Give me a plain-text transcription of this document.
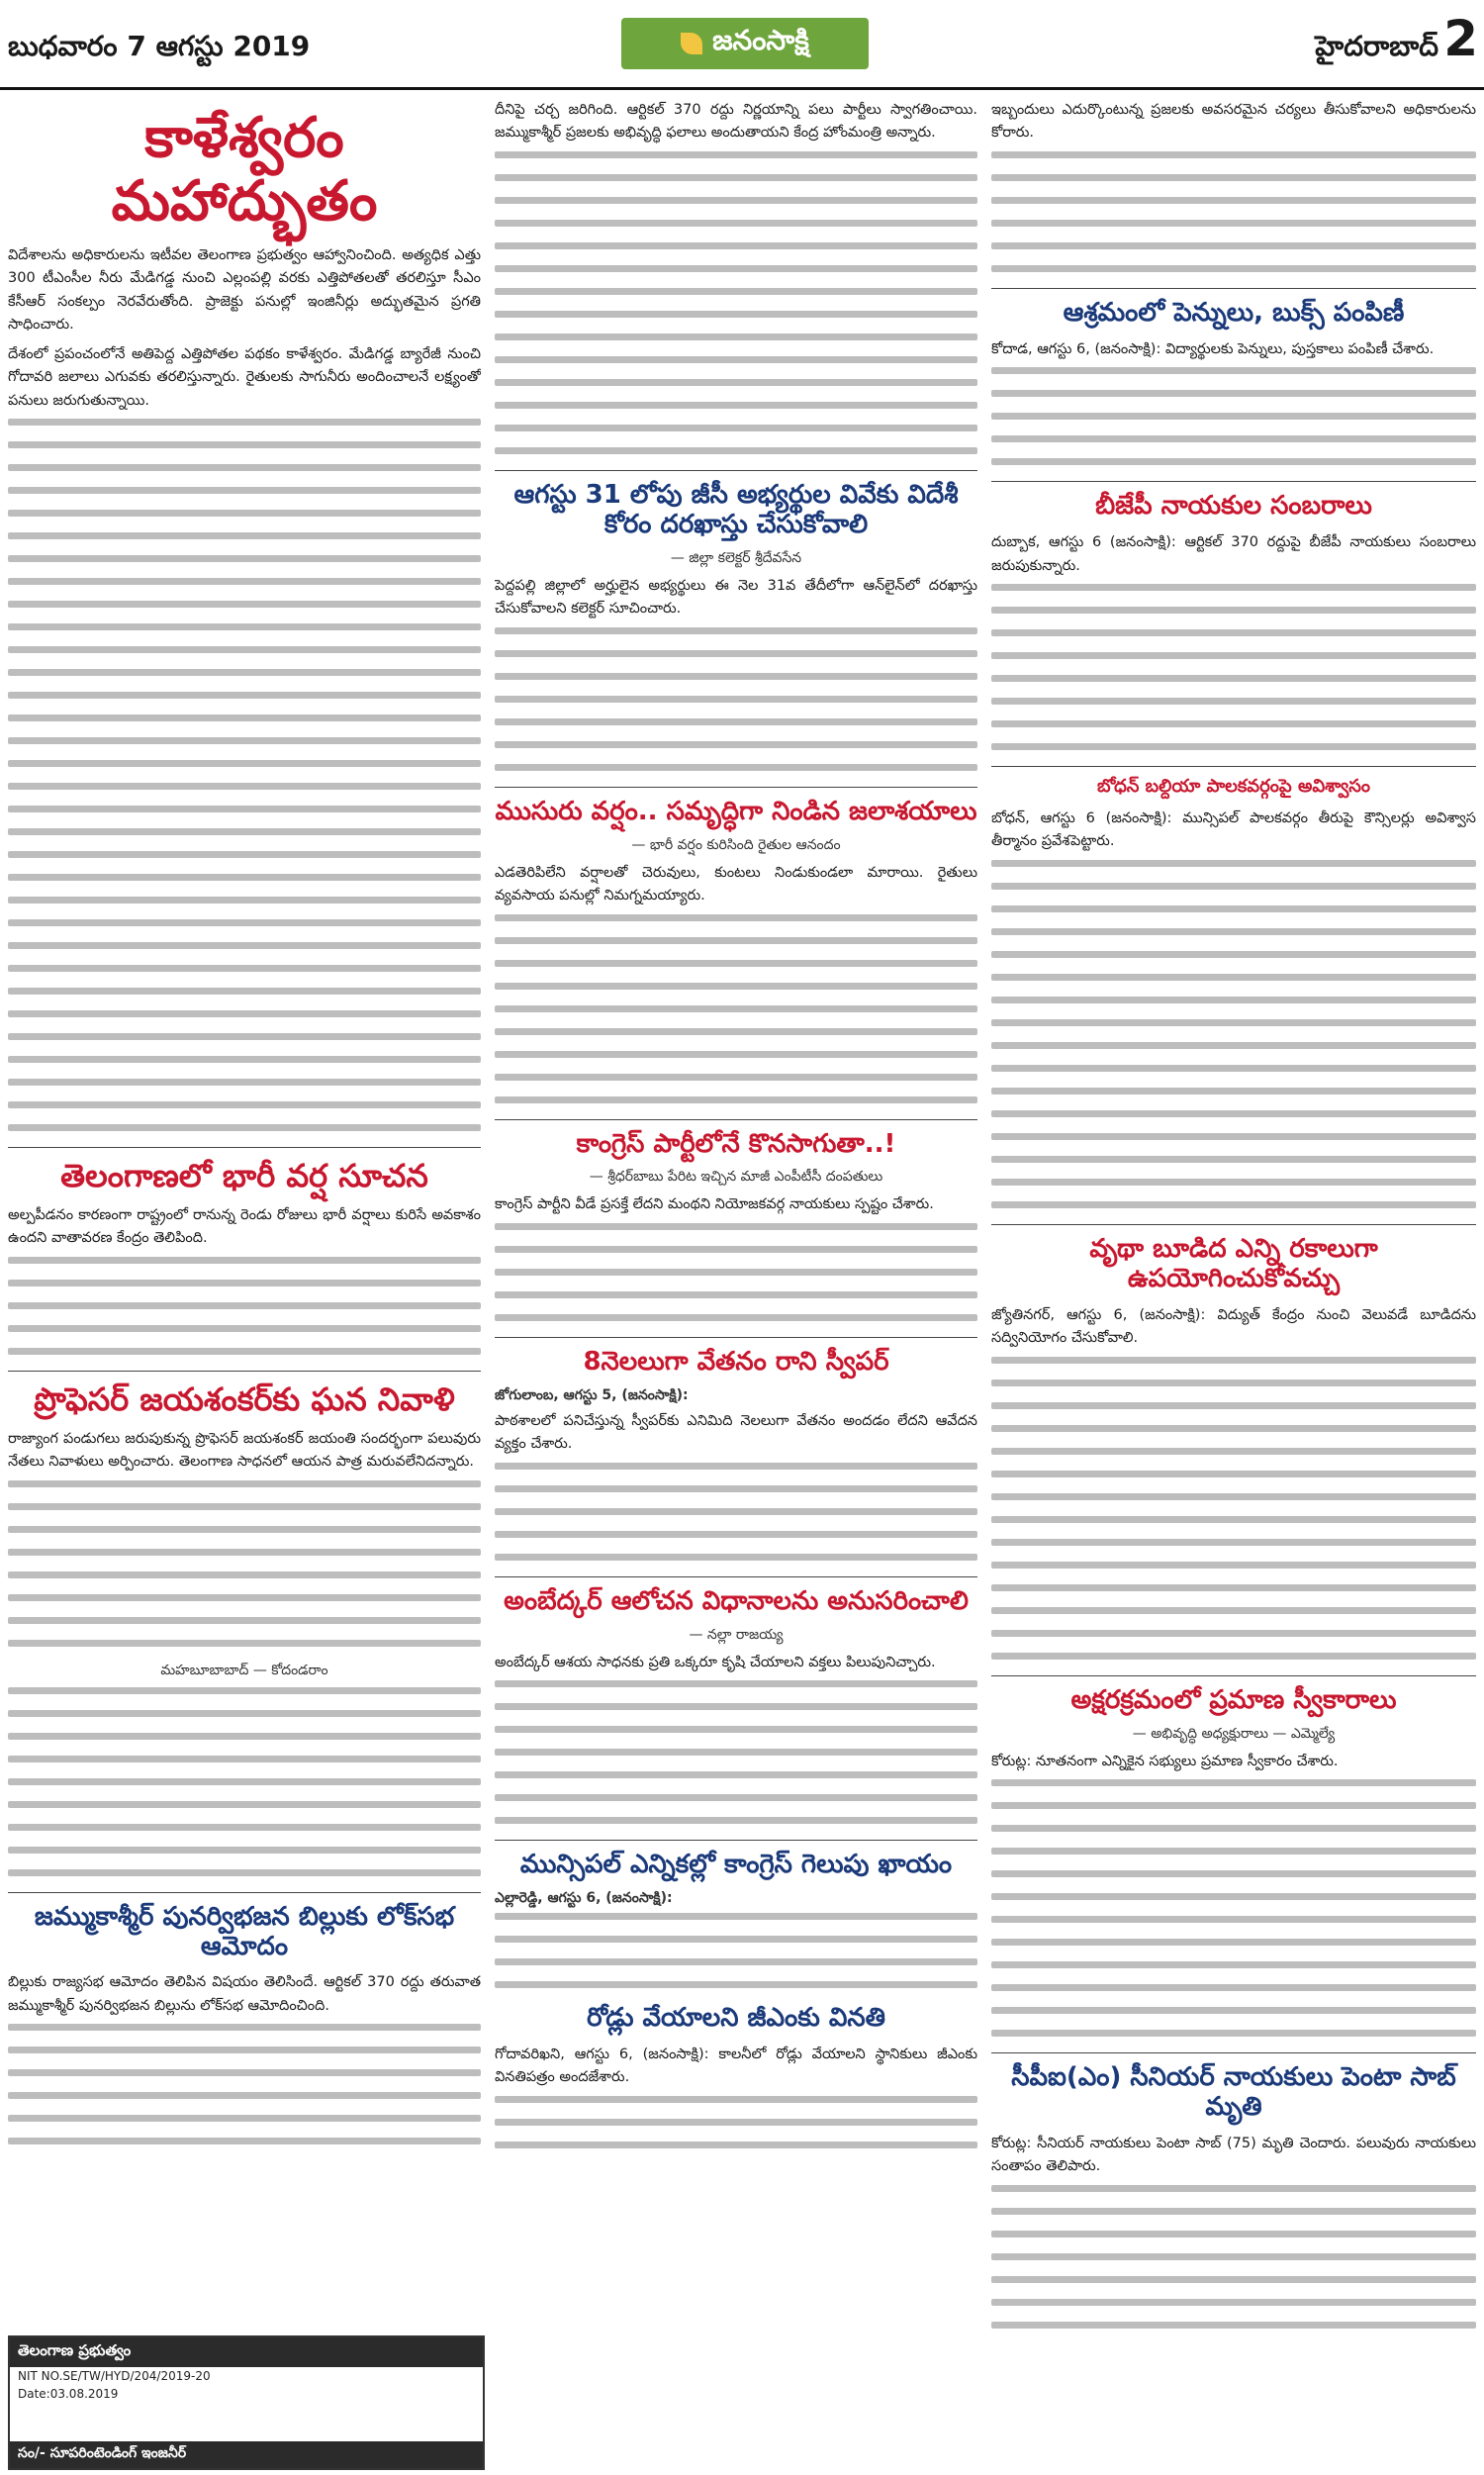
బుధవారం 7 ఆగస్టు 2019	జనంసాక్షి	హైదరాబాద్ 2
కాళేశ్వరం మహాద్భుతం

విదేశాలను అధికారులను ఇటీవల తెలంగాణ ప్రభుత్వం ఆహ్వానించింది. అత్యధిక ఎత్తు 300 టీఎంసీల నీరు మేడిగడ్డ నుంచి ఎల్లంపల్లి వరకు ఎత్తిపోతలతో తరలిస్తూ సీఎం కేసీఆర్ సంకల్పం నెరవేరుతోంది. ప్రాజెక్టు పనుల్లో ఇంజినీర్లు అద్భుతమైన ప్రగతి సాధించారు.

దేశంలో ప్రపంచంలోనే అతిపెద్ద ఎత్తిపోతల పథకం కాళేశ్వరం. మేడిగడ్డ బ్యారేజీ నుంచి గోదావరి జలాలు ఎగువకు తరలిస్తున్నారు. రైతులకు సాగునీరు అందించాలనే లక్ష్యంతో పనులు జరుగుతున్నాయి.

తెలంగాణలో భారీ వర్ష సూచన

అల్పపీడనం కారణంగా రాష్ట్రంలో రానున్న రెండు రోజులు భారీ వర్షాలు కురిసే అవకాశం ఉందని వాతావరణ కేంద్రం తెలిపింది.

ప్రొఫెసర్ జయశంకర్‌కు ఘన నివాళి

రాజ్యాంగ పండుగలు జరుపుకున్న ప్రొఫెసర్ జయశంకర్ జయంతి సందర్భంగా పలువురు నేతలు నివాళులు అర్పించారు. తెలంగాణ సాధనలో ఆయన పాత్ర మరువలేనిదన్నారు.

మహబూబాబాద్ — కోదండరాం
జమ్ముకాశ్మీర్ పునర్విభజన బిల్లుకు లోక్‌సభ ఆమోదం

బిల్లుకు రాజ్యసభ ఆమోదం తెలిపిన విషయం తెలిసిందే. ఆర్టికల్ 370 రద్దు తరువాత జమ్ముకాశ్మీర్ పునర్విభజన బిల్లును లోక్‌సభ ఆమోదించింది.

దీనిపై చర్చ జరిగింది. ఆర్టికల్ 370 రద్దు నిర్ణయాన్ని పలు పార్టీలు స్వాగతించాయి. జమ్ముకాశ్మీర్ ప్రజలకు అభివృద్ధి ఫలాలు అందుతాయని కేంద్ర హోంమంత్రి అన్నారు.

ఆగస్టు 31 లోపు జీసీ అభ్యర్థుల వివేకు విదేశీ కోరం దరఖాస్తు చేసుకోవాలి
— జిల్లా కలెక్టర్ శ్రీదేవసేన

పెద్దపల్లి జిల్లాలో అర్హులైన అభ్యర్థులు ఈ నెల 31వ తేదీలోగా ఆన్‌లైన్‌లో దరఖాస్తు చేసుకోవాలని కలెక్టర్ సూచించారు.

ముసురు వర్షం.. సమృద్ధిగా నిండిన జలాశయాలు
— భారీ వర్షం కురిసింది రైతుల ఆనందం

ఎడతెరిపిలేని వర్షాలతో చెరువులు, కుంటలు నిండుకుండలా మారాయి. రైతులు వ్యవసాయ పనుల్లో నిమగ్నమయ్యారు.

కాంగ్రెస్ పార్టీలోనే కొనసాగుతా..!
— శ్రీధర్‌బాబు పేరిట ఇచ్చిన మాజీ ఎంపీటీసీ దంపతులు

కాంగ్రెస్ పార్టీని వీడే ప్రసక్తే లేదని మంథని నియోజకవర్గ నాయకులు స్పష్టం చేశారు.

8నెలలుగా వేతనం రాని స్వీపర్
జోగులాంబ, ఆగస్టు 5, (జనంసాక్షి):

పాఠశాలలో పనిచేస్తున్న స్వీపర్‌కు ఎనిమిది నెలలుగా వేతనం అందడం లేదని ఆవేదన వ్యక్తం చేశారు.

అంబేద్కర్ ఆలోచన విధానాలను అనుసరించాలి
— నల్లా రాజయ్య

అంబేద్కర్ ఆశయ సాధనకు ప్రతి ఒక్కరూ కృషి చేయాలని వక్తలు పిలుపునిచ్చారు.

మున్సిపల్ ఎన్నికల్లో కాంగ్రెస్ గెలుపు ఖాయం
ఎల్లారెడ్డి, ఆగస్టు 6, (జనంసాక్షి):
రోడ్లు వేయాలని జీఎంకు వినతి

గోదావరిఖని, ఆగస్టు 6, (జనంసాక్షి): కాలనీలో రోడ్లు వేయాలని స్థానికులు జీఎంకు వినతిపత్రం అందజేశారు.

ఇబ్బందులు ఎదుర్కొంటున్న ప్రజలకు అవసరమైన చర్యలు తీసుకోవాలని అధికారులను కోరారు.

ఆశ్రమంలో పెన్నులు, బుక్స్ పంపిణీ

కోదాడ, ఆగస్టు 6, (జనంసాక్షి): విద్యార్థులకు పెన్నులు, పుస్తకాలు పంపిణీ చేశారు.

బీజేపీ నాయకుల సంబరాలు

దుబ్బాక, ఆగస్టు 6 (జనంసాక్షి): ఆర్టికల్ 370 రద్దుపై బీజేపీ నాయకులు సంబరాలు జరుపుకున్నారు.

బోధన్ బల్దియా పాలకవర్గంపై అవిశ్వాసం

బోధన్, ఆగస్టు 6 (జనంసాక్షి): మున్సిపల్ పాలకవర్గం తీరుపై కౌన్సిలర్లు అవిశ్వాస తీర్మానం ప్రవేశపెట్టారు.

వృథా బూడిద ఎన్ని రకాలుగా ఉపయోగించుకోవచ్చు

జ్యోతినగర్, ఆగస్టు 6, (జనంసాక్షి): విద్యుత్ కేంద్రం నుంచి వెలువడే బూడిదను సద్వినియోగం చేసుకోవాలి.

అక్షరక్రమంలో ప్రమాణ స్వీకారాలు
— అభివృద్ధి అధ్యక్షురాలు — ఎమ్మెల్యే

కోరుట్ల: నూతనంగా ఎన్నికైన సభ్యులు ప్రమాణ స్వీకారం చేశారు.

సీపీఐ(ఎం) సీనియర్ నాయకులు పెంటా సాబ్ మృతి

కోరుట్ల: సీనియర్ నాయకులు పెంటా సాబ్ (75) మృతి చెందారు. పలువురు నాయకులు సంతాపం తెలిపారు.

తెలంగాణ ప్రభుత్వం
NIT NO.SE/TW/HYD/204/2019-20
Date:03.08.2019
సం/- సూపరింటెండింగ్ ఇంజనీర్
